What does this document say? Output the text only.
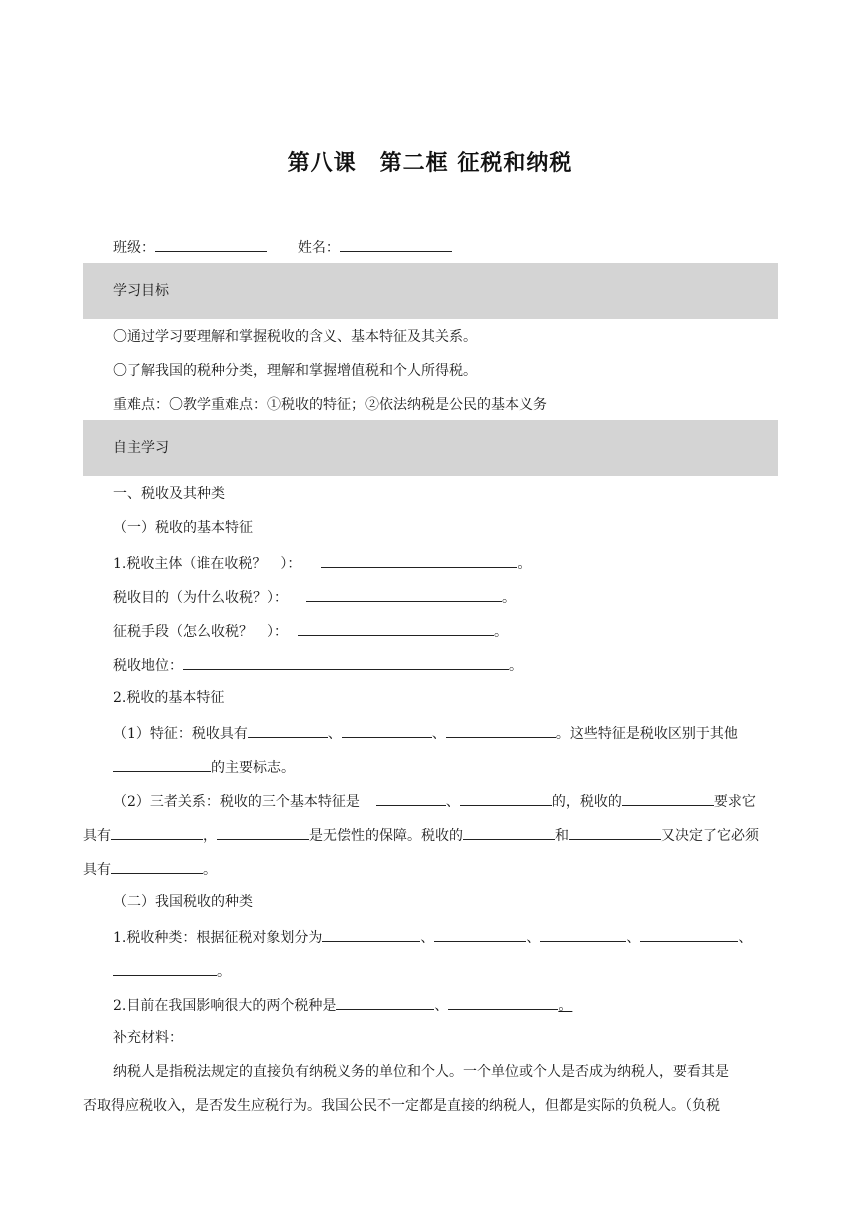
第八课　第二框 征税和纳税
班级：	姓名：
学习目标
〇通过学习要理解和掌握税收的含义、基本特征及其关系。
〇了解我国的税种分类，理解和掌握增值税和个人所得税。
重难点：〇教学重难点：①税收的特征；②依法纳税是公民的基本义务
自主学习
一、税收及其种类
（一）税收的基本特征
1.税收主体（谁在收税？　）：	。
税收目的（为什么收税？）：	。
征税手段（怎么收税？　）：	。
税收地位：	。
2.税收的基本特征
（1）特征：税收具有	、	、	。这些特征是税收区别于其他
的主要标志。
（2）三者关系：税收的三个基本特征是	、	的，税收的	要求它
具有	，	是无偿性的保障。税收的	和	又决定了它必须
具有	。
（二）我国税收的种类
1.税收种类：根据征税对象划分为	、	、	、	、
。
2.目前在我国影响很大的两个税种是	、	。
补充材料：
纳税人是指税法规定的直接负有纳税义务的单位和个人。一个单位或个人是否成为纳税人，要看其是
否取得应税收入，是否发生应税行为。我国公民不一定都是直接的纳税人，但都是实际的负税人。（负税
